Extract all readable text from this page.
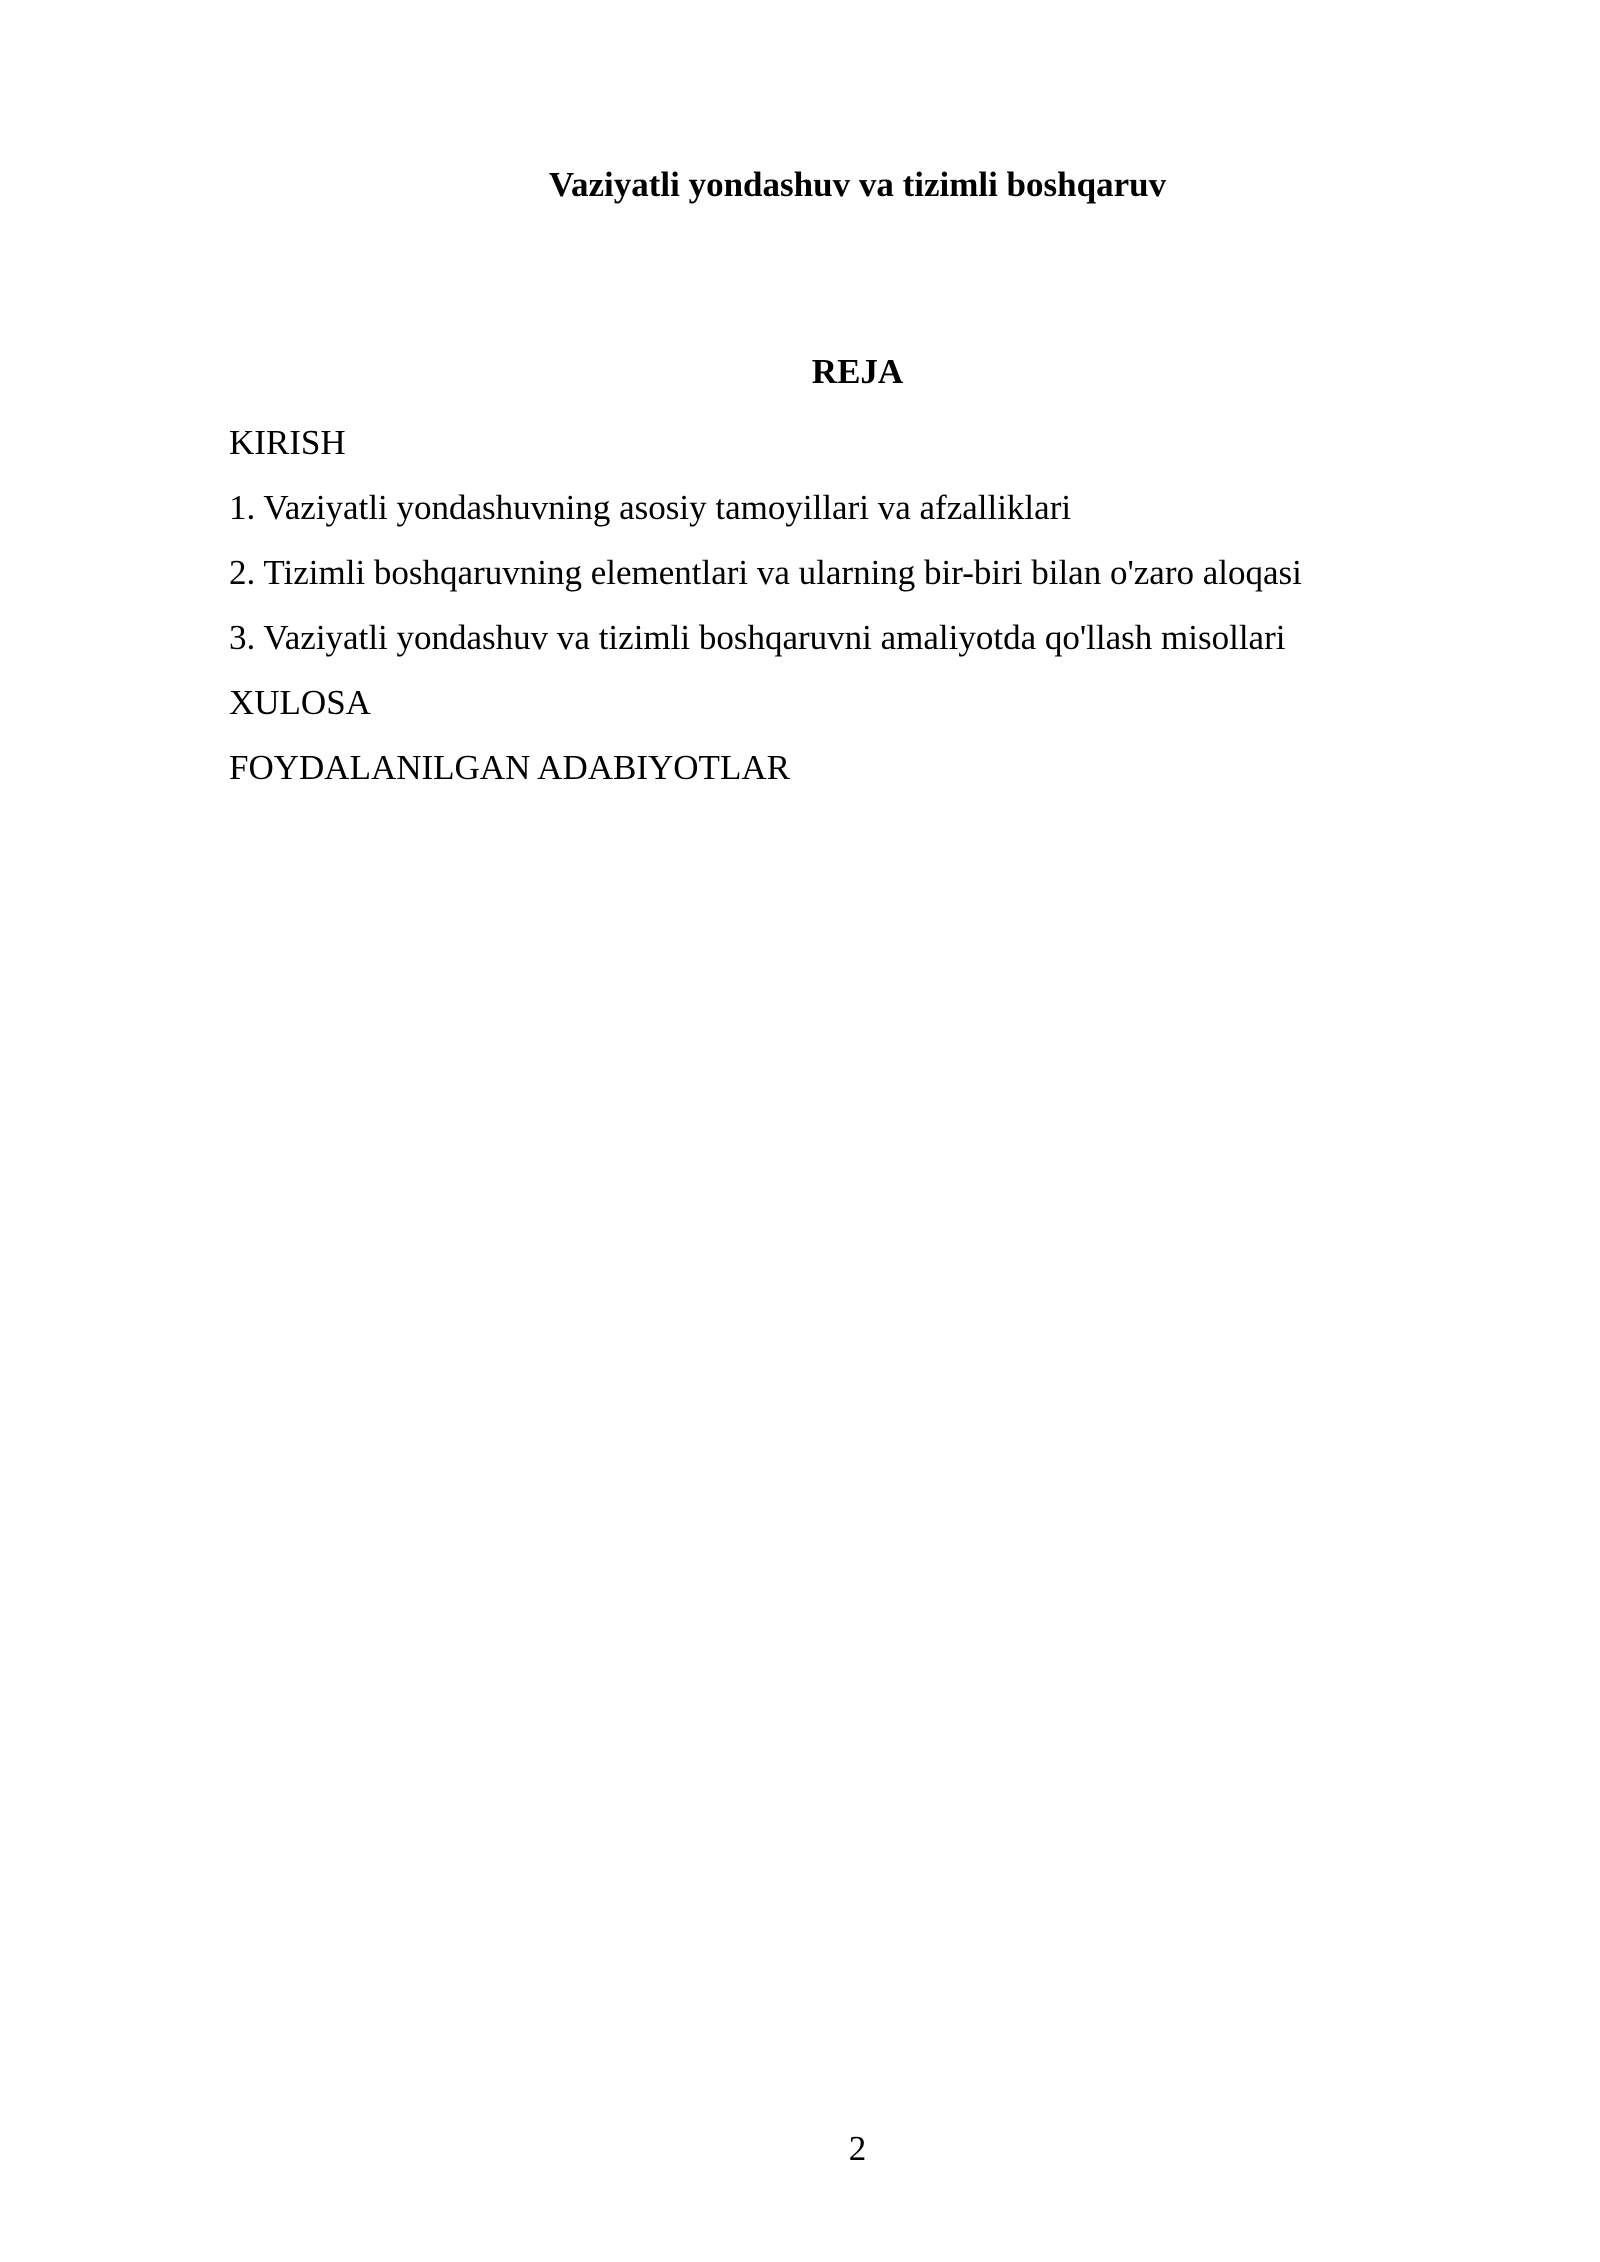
Vaziyatli yondashuv va tizimli boshqaruv
REJA
KIRISH
1. Vaziyatli yondashuvning asosiy tamoyillari va afzalliklari
2. Tizimli boshqaruvning elementlari va ularning bir-biri bilan o'zaro aloqasi
3. Vaziyatli yondashuv va tizimli boshqaruvni amaliyotda qo'llash misollari
XULOSA
FOYDALANILGAN ADABIYOTLAR
2
